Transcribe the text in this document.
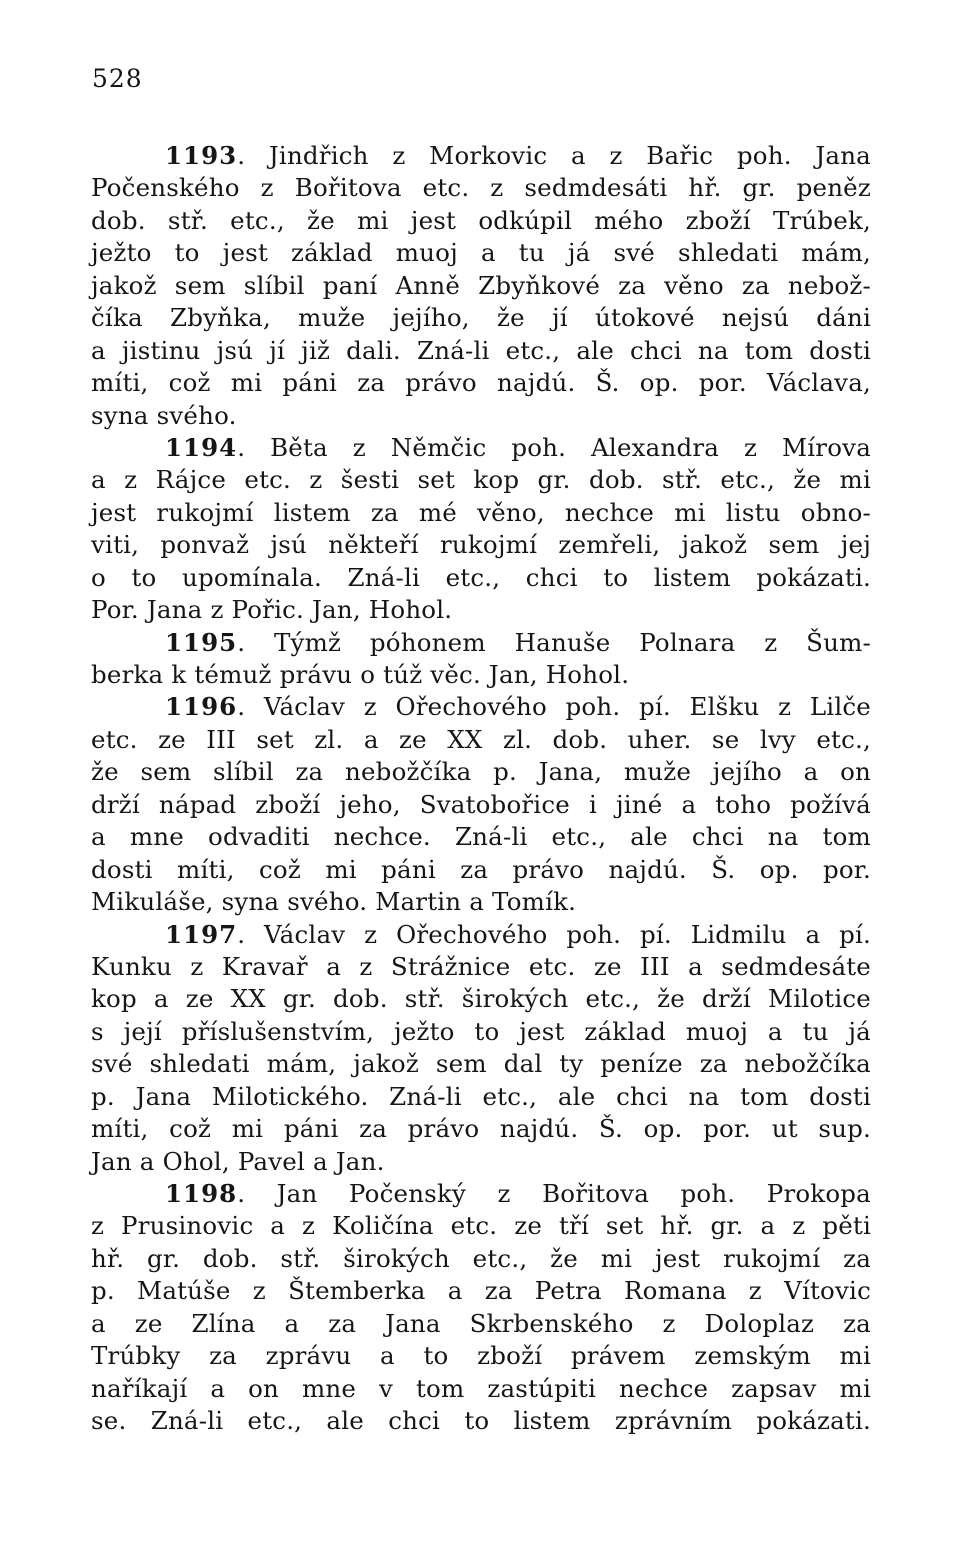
528
1193. Jindřich z Morkovic a z Bařic poh. Jana
Počenského z Bořitova etc. z sedmdesáti hř. gr. peněz
dob. stř. etc., že mi jest odkúpil mého zboží Trúbek,
ježto to jest základ muoj a tu já své shledati mám,
jakož sem slíbil paní Anně Zbyňkové za věno za nebož-
číka Zbyňka, muže jejího, že jí útokové nejsú dáni
a jistinu jsú jí již dali. Zná-li etc., ale chci na tom dosti
míti, což mi páni za právo najdú. Š. op. por. Václava,
syna svého.
1194. Běta z Němčic poh. Alexandra z Mírova
a z Rájce etc. z šesti set kop gr. dob. stř. etc., že mi
jest rukojmí listem za mé věno, nechce mi listu obno-
viti, ponvaž jsú někteří rukojmí zemřeli, jakož sem jej
o to upomínala. Zná-li etc., chci to listem pokázati.
Por. Jana z Pořic. Jan, Hohol.
1195. Týmž póhonem Hanuše Polnara z Šum-
berka k témuž právu o túž věc. Jan, Hohol.
1196. Václav z Ořechového poh. pí. Elšku z Lilče
etc. ze III set zl. a ze XX zl. dob. uher. se lvy etc.,
že sem slíbil za nebožčíka p. Jana, muže jejího a on
drží nápad zboží jeho, Svatobořice i jiné a toho požívá
a mne odvaditi nechce. Zná-li etc., ale chci na tom
dosti míti, což mi páni za právo najdú. Š. op. por.
Mikuláše, syna svého. Martin a Tomík.
1197. Václav z Ořechového poh. pí. Lidmilu a pí.
Kunku z Kravař a z Strážnice etc. ze III a sedmdesáte
kop a ze XX gr. dob. stř. širokých etc., že drží Milotice
s její příslušenstvím, ježto to jest základ muoj a tu já
své shledati mám, jakož sem dal ty peníze za nebožčíka
p. Jana Milotického. Zná-li etc., ale chci na tom dosti
míti, což mi páni za právo najdú. Š. op. por. ut sup.
Jan a Ohol, Pavel a Jan.
1198. Jan Počenský z Bořitova poh. Prokopa
z Prusinovic a z Količína etc. ze tří set hř. gr. a z pěti
hř. gr. dob. stř. širokých etc., že mi jest rukojmí za
p. Matúše z Štemberka a za Petra Romana z Vítovic
a ze Zlína a za Jana Skrbenského z Doloplaz za
Trúbky za zprávu a to zboží právem zemským mi
naříkají a on mne v tom zastúpiti nechce zapsav mi
se. Zná-li etc., ale chci to listem zprávním pokázati.
